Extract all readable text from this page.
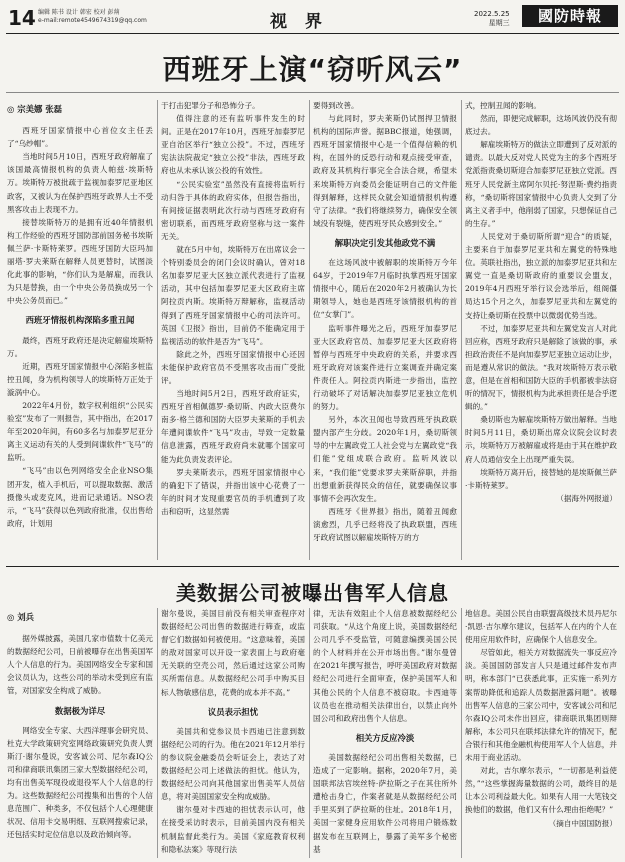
14 编辑 陈书 设计 韩宏 校对 彭蒴
e-mail:remote4549674319@qq.com	视 界	2022.5.25
星期三	國防時報
西班牙上演“窃听风云”

◎ 宗美娜 张磊

西班牙国家情报中心首位女主任丢了“乌纱帽”。

当地时间5月10日，西班牙政府解雇了该国最高情报机构的负责人帕兹·埃斯特万。埃斯特万被批疏于监视加泰罗尼亚地区政客，又被认为在保护西班牙政界人士不受黑客攻击上表现不力。

接替埃斯特万的是拥有近40年情报机构工作经验的西班牙国防部前国务秘书埃斯佩兰萨·卡斯特莱罗。西班牙国防大臣玛加丽塔·罗夫莱斯在解释人员更替时，试图淡化此事的影响，“你们认为是解雇，而我认为只是替换，由一个中央公务员换成另一个中央公务员而已。”

西班牙情报机构深陷多重丑闻

最终，西班牙政府还是决定解雇埃斯特万。

近期，西班牙国家情报中心深陷多桩监控丑闻，身为机构领导人的埃斯特万正处于漩涡中心。

2022年4月份，数字权利组织“公民实验室”发布了一则报告，其中指出，在2017年至2020年间，有60多名与加泰罗尼亚分离主义运动有关的人受到间谍软件“飞马”的监听。

“飞马”由以色列网络安全企业NSO集团开发，植入手机后，可以提取数据、激活摄像头或麦克风，进而记录通话。NSO表示，“飞马”获得以色列政府批准，仅出售给政府，计划用

于打击犯罪分子和恐怖分子。

值得注意的还有监听事件发生的时间。正是在2017年10月，西班牙加泰罗尼亚自治区举行“独立公投”。不过，西班牙宪法法院裁定“独立公投”非法，西班牙政府也从未承认该公投的有效性。

“公民实验室”虽然没有直接将监听行动归咎于具体的政府实体，但报告指出，有间接证据表明此次行动与西班牙政府有密切联系，而西班牙政府坚称与这一案件无关。

就在5月中旬，埃斯特万在出席议会一个特别委员会的闭门会议时确认，曾对18名加泰罗尼亚大区独立派代表进行了监视活动，其中包括加泰罗尼亚大区政府主席阿拉贡内斯。埃斯特万辩解称，监视活动得到了西班牙国家情报中心的司法许可。英国《卫报》指出，目前仍不能确定用于监视活动的软件是否为“飞马”。

除此之外，西班牙国家情报中心还因未能保护政府官员不受黑客攻击而广受批评。

当地时间5月2日，西班牙政府证实，西班牙首相佩德罗·桑切斯、内政大臣费尔南多·格兰德和国防大臣罗夫莱斯的手机去年遭间谍软件“飞马”攻击，导致一定数量信息泄露，西班牙政府尚未就哪个国家可能为此负责发表评论。

罗夫莱斯表示，西班牙国家情报中心的确犯下了错误，并指出该中心花费了一年的时间才发现重要官员的手机遭到了攻击和窃听，这显然需

要得到改善。

与此同时，罗夫莱斯仍试图捍卫情报机构的国际声誉。据BBC报道，她强调，西班牙国家情报中心是一个值得信赖的机构，在国外的反恐行动和观点接受审查，政府及其机构行事完全合法合规，希望未来埃斯特万向委员会能证明自己的文件能得到解释，这样民众就会知道情报机构遵守了法律。“我们将继续努力，确保安全领域没有裂缝，使西班牙民众感到安全。”

解职决定引发其他政党不满

在这场风波中被解职的埃斯特万今年64岁，于2019年7月临时执掌西班牙国家情报中心，随后在2020年2月被确认为长期领导人，她也是西班牙该情报机构的首位“女掌门”。

监听事件曝光之后，西班牙加泰罗尼亚大区政府官员、加泰罗尼亚大区政府将暂停与西班牙中央政府的关系，并要求西班牙政府对该案件进行立案调查并确定案件责任人。阿拉贡内斯进一步指出，监控行动破坏了对话解决加泰罗尼亚独立危机的努力。

另外，本次丑闻也导致西班牙执政联盟内部产生分歧。2020年1月，桑切斯领导的中左翼政党工人社会党与左翼政党“我们能”党组成联合政府。监听风波以来，“我们能”党要求罗夫莱斯辞职，并指出想重新获得民众的信任，就要确保议事事情不会再次发生。

西班牙《世界报》指出，随着丑闻愈演愈烈，几乎已经将没了执政联盟，西班牙政府试图以解雇埃斯特万的方

式，控制丑闻的影响。

然而，即便完成解职，这场风波仍没有彻底过去。

解雇埃斯特万的做法立即遭到了反对派的谴责。以最大反对党人民党为主的多个西班牙党派指责桑切斯迎合加泰罗尼亚独立党派。西班牙人民党新主席阿尔贝托·努涅斯·费约指责称，“桑切斯将国家情报中心负责人交到了分离主义者手中，他削弱了国家，只想保证自己的生存。”

人民党对于桑切斯所谓“迎合”的质疑，主要来自于加泰罗尼亚共和左翼党的特殊地位。英联社指出，独立派的加泰罗尼亚共和左翼党一直是桑切斯政府的重要议会盟友，2019年4月西班牙举行议会选举后，组阁僵局达15个月之久，加泰罗尼亚共和左翼党的支持让桑切斯在投票中以微弱优势当选。

不过，加泰罗尼亚共和左翼党发言人对此回应称，西班牙政府只是解除了该做的事，承担政治责任不是向加泰罗尼亚独立运动让步，而是遵从常识的做法。“我对埃斯特万表示敬意，但是在首相和国防大臣的手机都被非法窃听的情况下，情报机构为此承担责任是合乎逻辑的。”

桑切斯也为解雇埃斯特万做出解释。当地时间5月11日，桑切斯出席众议院会议时表示，埃斯特万万被解雇或将是由于其在维护政府人员通信安全上出现严重失误。

埃斯特万离开后，接替她的是埃斯佩兰萨·卡斯特莱罗。

（据海外网报道）

美数据公司被曝出售军人信息

◎ 刘兵

据外媒披露，美国几家市值数十亿美元的数据经纪公司，日前被曝存在出售美国军人个人信息的行为。美国网络安全专家和国会议员认为，这些公司的举动未受到应有监管，对国家安全构成了威胁。

数据极为详尽

网络安全专家、大西洋理事会研究员、杜克大学政策研究室网络政策研究负责人贾斯汀·谢尔曼说，安客诚公司、尼尔森IQ公司和律商联讯集团三家大型数据经纪公司，均有出售美军现役或退役军人个人信息的行为。这些数据经纪公司搜集和出售的个人信息范围广、种类多，不仅包括个人心理健康状况、信用卡交易明细、互联网搜索记录，还包括实时定位信息以及政治倾向等。

谢尔曼说，美国目前没有相关审查程序对数据经纪公司出售的数据进行筛查，或监督它们数据如何被使用。“这意味着，美国的敌对国家可以开设一家表面上与政府毫无关联的空壳公司，然后通过这家公司购买所需信息。从数据经纪公司手中购买目标人物敏感信息，花费的成本并不高。”

议员表示担忧

美国共和党参议员卡西迪已注意到数据经纪公司的行为。他在2021年12月举行的参议院金融委员会听证会上，表达了对数据经纪公司上述做法的担忧。他认为，数据经纪公司向其他国家出售美军人员信息，将对美国国家安全构成威胁。

谢尔曼对卡西迪的担忧表示认可，他在接受采访时表示，目前美国内没有相关机制监督此类行为。美国《家庭教育权利和隐私法案》等现行法

律，无法有效阻止个人信息被数据经纪公司获取。“从这个角度上说，美国数据经纪公司几乎不受监管，可随意编撰美国公民的个人材料并在公开市场出售。”谢尔曼曾在2021年撰写报告，呼吁美国政府对数据经纪公司进行全面审查，保护美国军人和其他公民的个人信息不被窃取。卡西迪等议员也在推动相关法律出台，以禁止向外国公司和政府出售个人信息。

相关方反应冷淡

美国数据经纪公司出售相关数据，已造成了一定影响。据称，2020年7月，美国联邦法官埃丝特·萨拉斯之子在其住所外遭枪击身亡，作案者就是从数据经纪公司手里买到了萨拉斯的住址。2018年1月，美国一家健身应用软件公司将用户锻炼数据发布在互联网上，暴露了美军多个秘密基

地信息。美国公民自由联盟高级技术员丹尼尔·凯恩·吉尔摩尔建议，包括军人在内的个人在使用应用软件时，应确保个人信息安全。

尽管如此，相关方对数据流失一事反应冷淡。美国国防部发言人只是通过邮件发布声明，称本部门“已获悉此事，正实施一系列方案帮助降低和追踪人员数据泄露问题”。被曝出售军人信息的三家公司中，安客诚公司和尼尔森IQ公司未作出回应，律商联讯集团则辩解称，本公司只在联邦法律允许的情况下，配合银行和其他金融机构使用军人个人信息，并未用于商业活动。

对此，吉尔摩尔表示，“一切都是利益使然，”“这些掌握海量数据的公司，最终目的是让本公司利益最大化。如果有人用一大笔钱交换他们的数据，他们又有什么理由拒绝呢？”

（摘自中国国防报）
